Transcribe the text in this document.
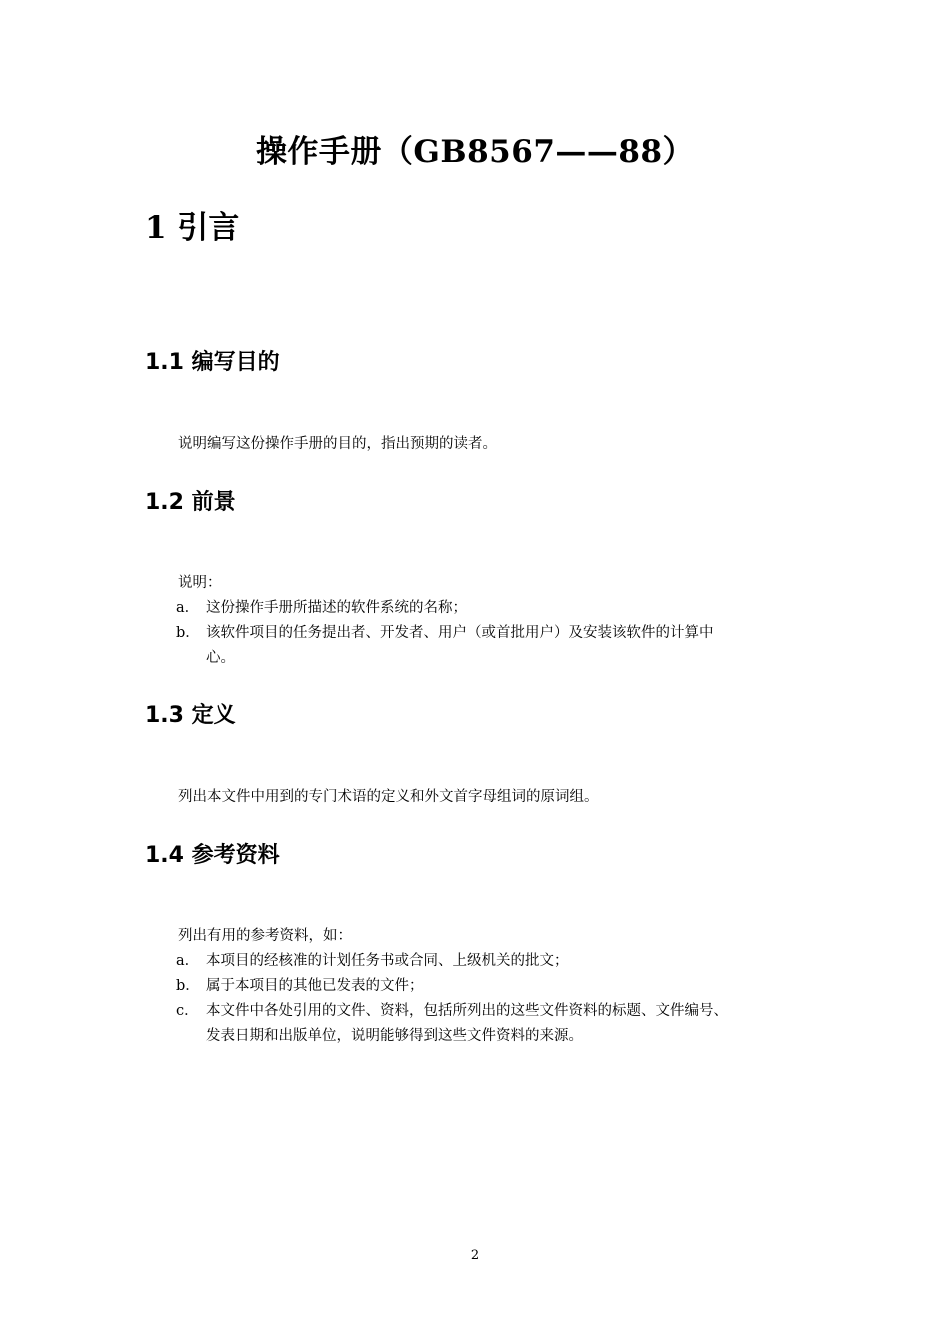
操作手册（GB8567——88）
1 引言
1.1 编写目的
说明编写这份操作手册的目的，指出预期的读者。
1.2 前景
说明：
a． 这份操作手册所描述的软件系统的名称；
b． 该软件项目的任务提出者、开发者、用户（或首批用户）及安装该软件的计算中
心。
1.3 定义
列出本文件中用到的专门术语的定义和外文首字母组词的原词组。
1.4 参考资料
列出有用的参考资料，如：
a． 本项目的经核准的计划任务书或合同、上级机关的批文；
b． 属于本项目的其他已发表的文件；
c． 本文件中各处引用的文件、资料，包括所列出的这些文件资料的标题、文件编号、
发表日期和出版单位，说明能够得到这些文件资料的来源。
2
